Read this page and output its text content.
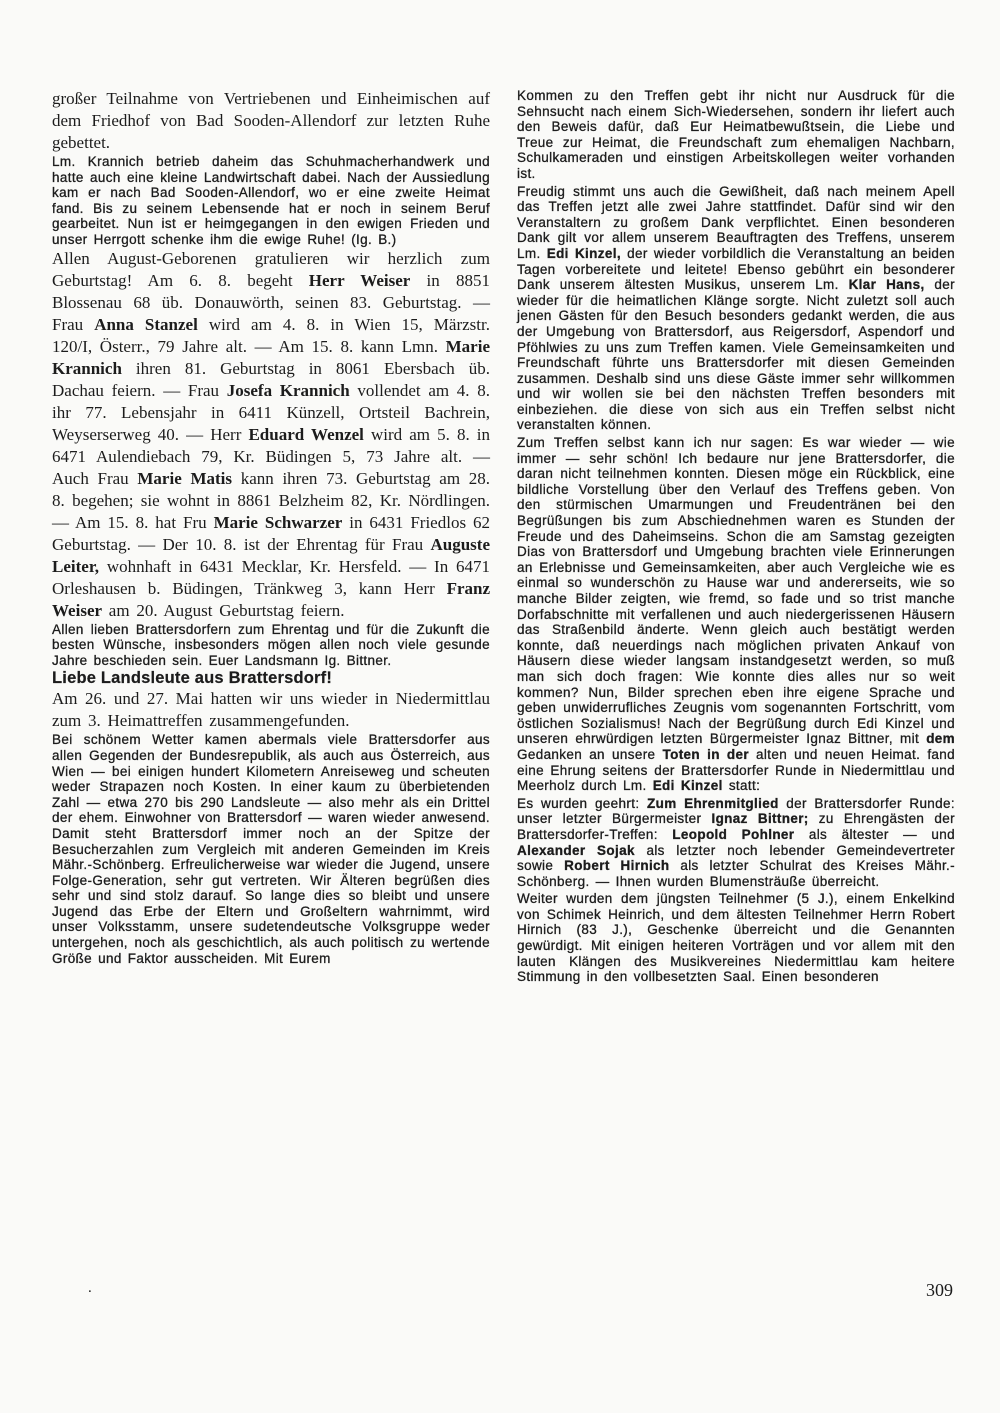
großer Teilnahme von Vertriebenen und Einheimischen auf dem Friedhof von Bad Sooden-Allendorf zur letzten Ruhe gebettet.

Lm. Krannich betrieb daheim das Schuhmacherhandwerk und hatte auch eine kleine Landwirtschaft dabei. Nach der Aussiedlung kam er nach Bad Sooden-Allendorf, wo er eine zweite Heimat fand. Bis zu seinem Lebensende hat er noch in seinem Beruf gearbeitet. Nun ist er heimgegangen in den ewigen Frieden und unser Herrgott schenke ihm die ewige Ruhe! (Ig. B.)

Allen August-Geborenen gratulieren wir herzlich zum Geburtstag! Am 6. 8. begeht Herr Weiser in 8851 Blossenau 68 üb. Donauwörth, seinen 83. Geburtstag. — Frau Anna Stanzel wird am 4. 8. in Wien 15, Märzstr. 120/I, Österr., 79 Jahre alt. — Am 15. 8. kann Lmn. Marie Krannich ihren 81. Geburtstag in 8061 Ebersbach üb. Dachau feiern. — Frau Josefa Krannich vollendet am 4. 8. ihr 77. Lebensjahr in 6411 Künzell, Ortsteil Bachrein, Weyserserweg 40. — Herr Eduard Wenzel wird am 5. 8. in 6471 Aulendiebach 79, Kr. Büdingen 5, 73 Jahre alt. — Auch Frau Marie Matis kann ihren 73. Geburtstag am 28. 8. begehen; sie wohnt in 8861 Belzheim 82, Kr. Nördlingen. — Am 15. 8. hat Fru Marie Schwarzer in 6431 Friedlos 62 Geburtstag. — Der 10. 8. ist der Ehrentag für Frau Auguste Leiter, wohnhaft in 6431 Mecklar, Kr. Hersfeld. — In 6471 Orleshausen b. Büdingen, Tränkweg 3, kann Herr Franz Weiser am 20. August Geburtstag feiern.

Allen lieben Brattersdorfern zum Ehrentag und für die Zukunft die besten Wünsche, insbesonders mögen allen noch viele gesunde Jahre beschieden sein. Euer Landsmann Ig. Bittner.

Liebe Landsleute aus Brattersdorf!

Am 26. und 27. Mai hatten wir uns wieder in Niedermittlau zum 3. Heimattreffen zusammengefunden.

Bei schönem Wetter kamen abermals viele Brattersdorfer aus allen Gegenden der Bundesrepublik, als auch aus Österreich, aus Wien — bei einigen hundert Kilometern Anreiseweg und scheuten weder Strapazen noch Kosten. In einer kaum zu überbietenden Zahl — etwa 270 bis 290 Landsleute — also mehr als ein Drittel der ehem. Einwohner von Brattersdorf — waren wieder anwesend. Damit steht Brattersdorf immer noch an der Spitze der Besucherzahlen zum Vergleich mit anderen Gemeinden im Kreis Mähr.-Schönberg. Erfreulicherweise war wieder die Jugend, unsere Folge-Generation, sehr gut vertreten. Wir Älteren begrüßen dies sehr und sind stolz darauf. So lange dies so bleibt und unsere Jugend das Erbe der Eltern und Großeltern wahrnimmt, wird unser Volksstamm, unsere sudetendeutsche Volksgruppe weder untergehen, noch als geschichtlich, als auch politisch zu wertende Größe und Faktor ausscheiden. Mit Eurem

Kommen zu den Treffen gebt ihr nicht nur Ausdruck für die Sehnsucht nach einem Sich-Wiedersehen, sondern ihr liefert auch den Beweis dafür, daß Eur Heimatbewußtsein, die Liebe und Treue zur Heimat, die Freundschaft zum ehemaligen Nachbarn, Schulkameraden und einstigen Arbeitskollegen weiter vorhanden ist.

Freudig stimmt uns auch die Gewißheit, daß nach meinem Apell das Treffen jetzt alle zwei Jahre stattfindet. Dafür sind wir den Veranstaltern zu großem Dank verpflichtet. Einen besonderen Dank gilt vor allem unserem Beauftragten des Treffens, unserem Lm. Edi Kinzel, der wieder vorbildlich die Veranstaltung an beiden Tagen vorbereitete und leitete! Ebenso gebührt ein besonderer Dank unserem ältesten Musikus, unserem Lm. Klar Hans, der wieder für die heimatlichen Klänge sorgte. Nicht zuletzt soll auch jenen Gästen für den Besuch besonders gedankt werden, die aus der Umgebung von Brattersdorf, aus Reigersdorf, Aspendorf und Pföhlwies zu uns zum Treffen kamen. Viele Gemeinsamkeiten und Freundschaft führte uns Brattersdorfer mit diesen Gemeinden zusammen. Deshalb sind uns diese Gäste immer sehr willkommen und wir wollen sie bei den nächsten Treffen besonders mit einbeziehen. die diese von sich aus ein Treffen selbst nicht veranstalten können.

Zum Treffen selbst kann ich nur sagen: Es war wieder — wie immer — sehr schön! Ich bedaure nur jene Brattersdorfer, die daran nicht teilnehmen konnten. Diesen möge ein Rückblick, eine bildliche Vorstellung über den Verlauf des Treffens geben. Von den stürmischen Umarmungen und Freudentränen bei den Begrüßungen bis zum Abschiednehmen waren es Stunden der Freude und des Daheimseins. Schon die am Samstag gezeigten Dias von Brattersdorf und Umgebung brachten viele Erinnerungen an Erlebnisse und Gemeinsamkeiten, aber auch Vergleiche wie es einmal so wunderschön zu Hause war und andererseits, wie so manche Bilder zeigten, wie fremd, so fade und so trist manche Dorfabschnitte mit verfallenen und auch niedergerissenen Häusern das Straßenbild änderte. Wenn gleich auch bestätigt werden konnte, daß neuerdings nach möglichen privaten Ankauf von Häusern diese wieder langsam instandgesetzt werden, so muß man sich doch fragen: Wie konnte dies alles nur so weit kommen? Nun, Bilder sprechen eben ihre eigene Sprache und geben unwiderrufliches Zeugnis vom sogenannten Fortschritt, vom östlichen Sozialismus! Nach der Begrüßung durch Edi Kinzel und unseren ehrwürdigen letzten Bürgermeister Ignaz Bittner, mit dem Gedanken an unsere Toten in der alten und neuen Heimat. fand eine Ehrung seitens der Brattersdorfer Runde in Niedermittlau und Meerholz durch Lm. Edi Kinzel statt:

Es wurden geehrt: Zum Ehrenmitglied der Brattersdorfer Runde: unser letzter Bürgermeister Ignaz Bittner; zu Ehrengästen der Brattersdorfer-Treffen: Leopold Pohlner als ältester — und Alexander Sojak als letzter noch lebender Gemeindevertreter sowie Robert Hirnich als letzter Schulrat des Kreises Mähr.-Schönberg. — Ihnen wurden Blumensträuße überreicht.

Weiter wurden dem jüngsten Teilnehmer (5 J.), einem Enkelkind von Schimek Heinrich, und dem ältesten Teilnehmer Herrn Robert Hirnich (83 J.), Geschenke überreicht und die Genannten gewürdigt. Mit einigen heiteren Vorträgen und vor allem mit den lauten Klängen des Musikvereines Niedermittlau kam heitere Stimmung in den vollbesetzten Saal. Einen besonderen

.	309
